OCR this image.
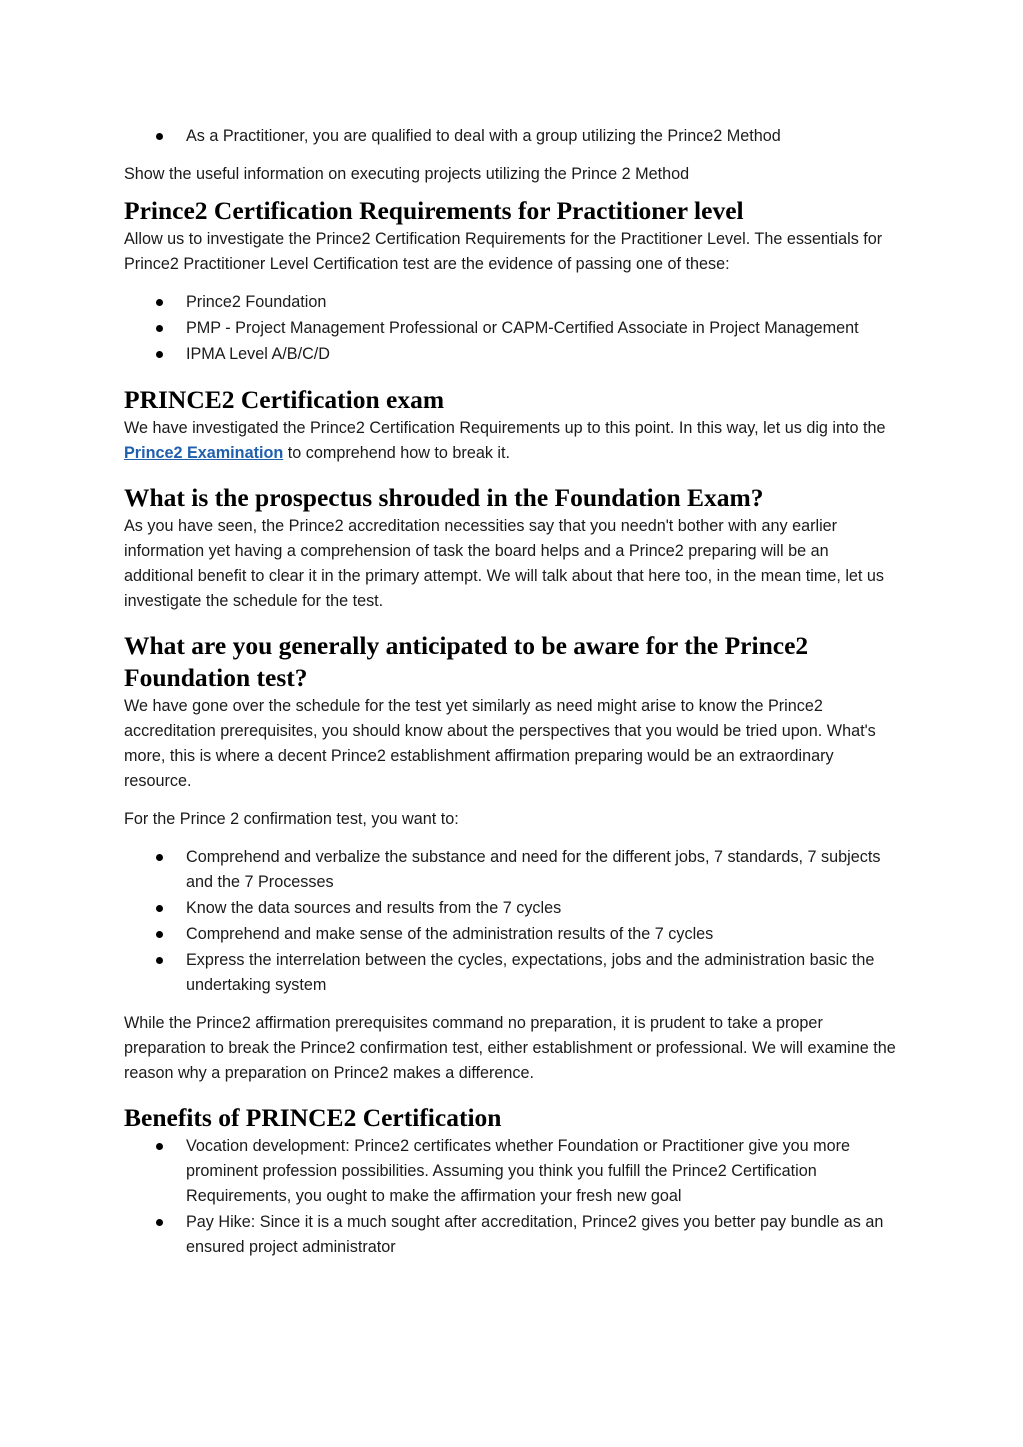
As a Practitioner, you are qualified to deal with a group utilizing the Prince2 Method

Show the useful information on executing projects utilizing the Prince 2 Method

Prince2 Certification Requirements for Practitioner level

Allow us to investigate the Prince2 Certification Requirements for the Practitioner Level. The essentials for Prince2 Practitioner Level Certification test are the evidence of passing one of these:

Prince2 Foundation
PMP - Project Management Professional or CAPM-Certified Associate in Project Management
IPMA Level A/B/C/D
PRINCE2 Certification exam

We have investigated the Prince2 Certification Requirements up to this point. In this way, let us dig into the Prince2 Examination to comprehend how to break it.

What is the prospectus shrouded in the Foundation Exam?

As you have seen, the Prince2 accreditation necessities say that you needn't bother with any earlier information yet having a comprehension of task the board helps and a Prince2 preparing will be an additional benefit to clear it in the primary attempt. We will talk about that here too, in the mean time, let us investigate the schedule for the test.

What are you generally anticipated to be aware for the Prince2 Foundation test?

We have gone over the schedule for the test yet similarly as need might arise to know the Prince2 accreditation prerequisites, you should know about the perspectives that you would be tried upon. What's more, this is where a decent Prince2 establishment affirmation preparing would be an extraordinary resource.

For the Prince 2 confirmation test, you want to:

Comprehend and verbalize the substance and need for the different jobs, 7 standards, 7 subjects and the 7 Processes
Know the data sources and results from the 7 cycles
Comprehend and make sense of the administration results of the 7 cycles
Express the interrelation between the cycles, expectations, jobs and the administration basic the undertaking system

While the Prince2 affirmation prerequisites command no preparation, it is prudent to take a proper preparation to break the Prince2 confirmation test, either establishment or professional. We will examine the reason why a preparation on Prince2 makes a difference.

Benefits of PRINCE2 Certification
Vocation development: Prince2 certificates whether Foundation or Practitioner give you more prominent profession possibilities. Assuming you think you fulfill the Prince2 Certification Requirements, you ought to make the affirmation your fresh new goal
Pay Hike: Since it is a much sought after accreditation, Prince2 gives you better pay bundle as an ensured project administrator
